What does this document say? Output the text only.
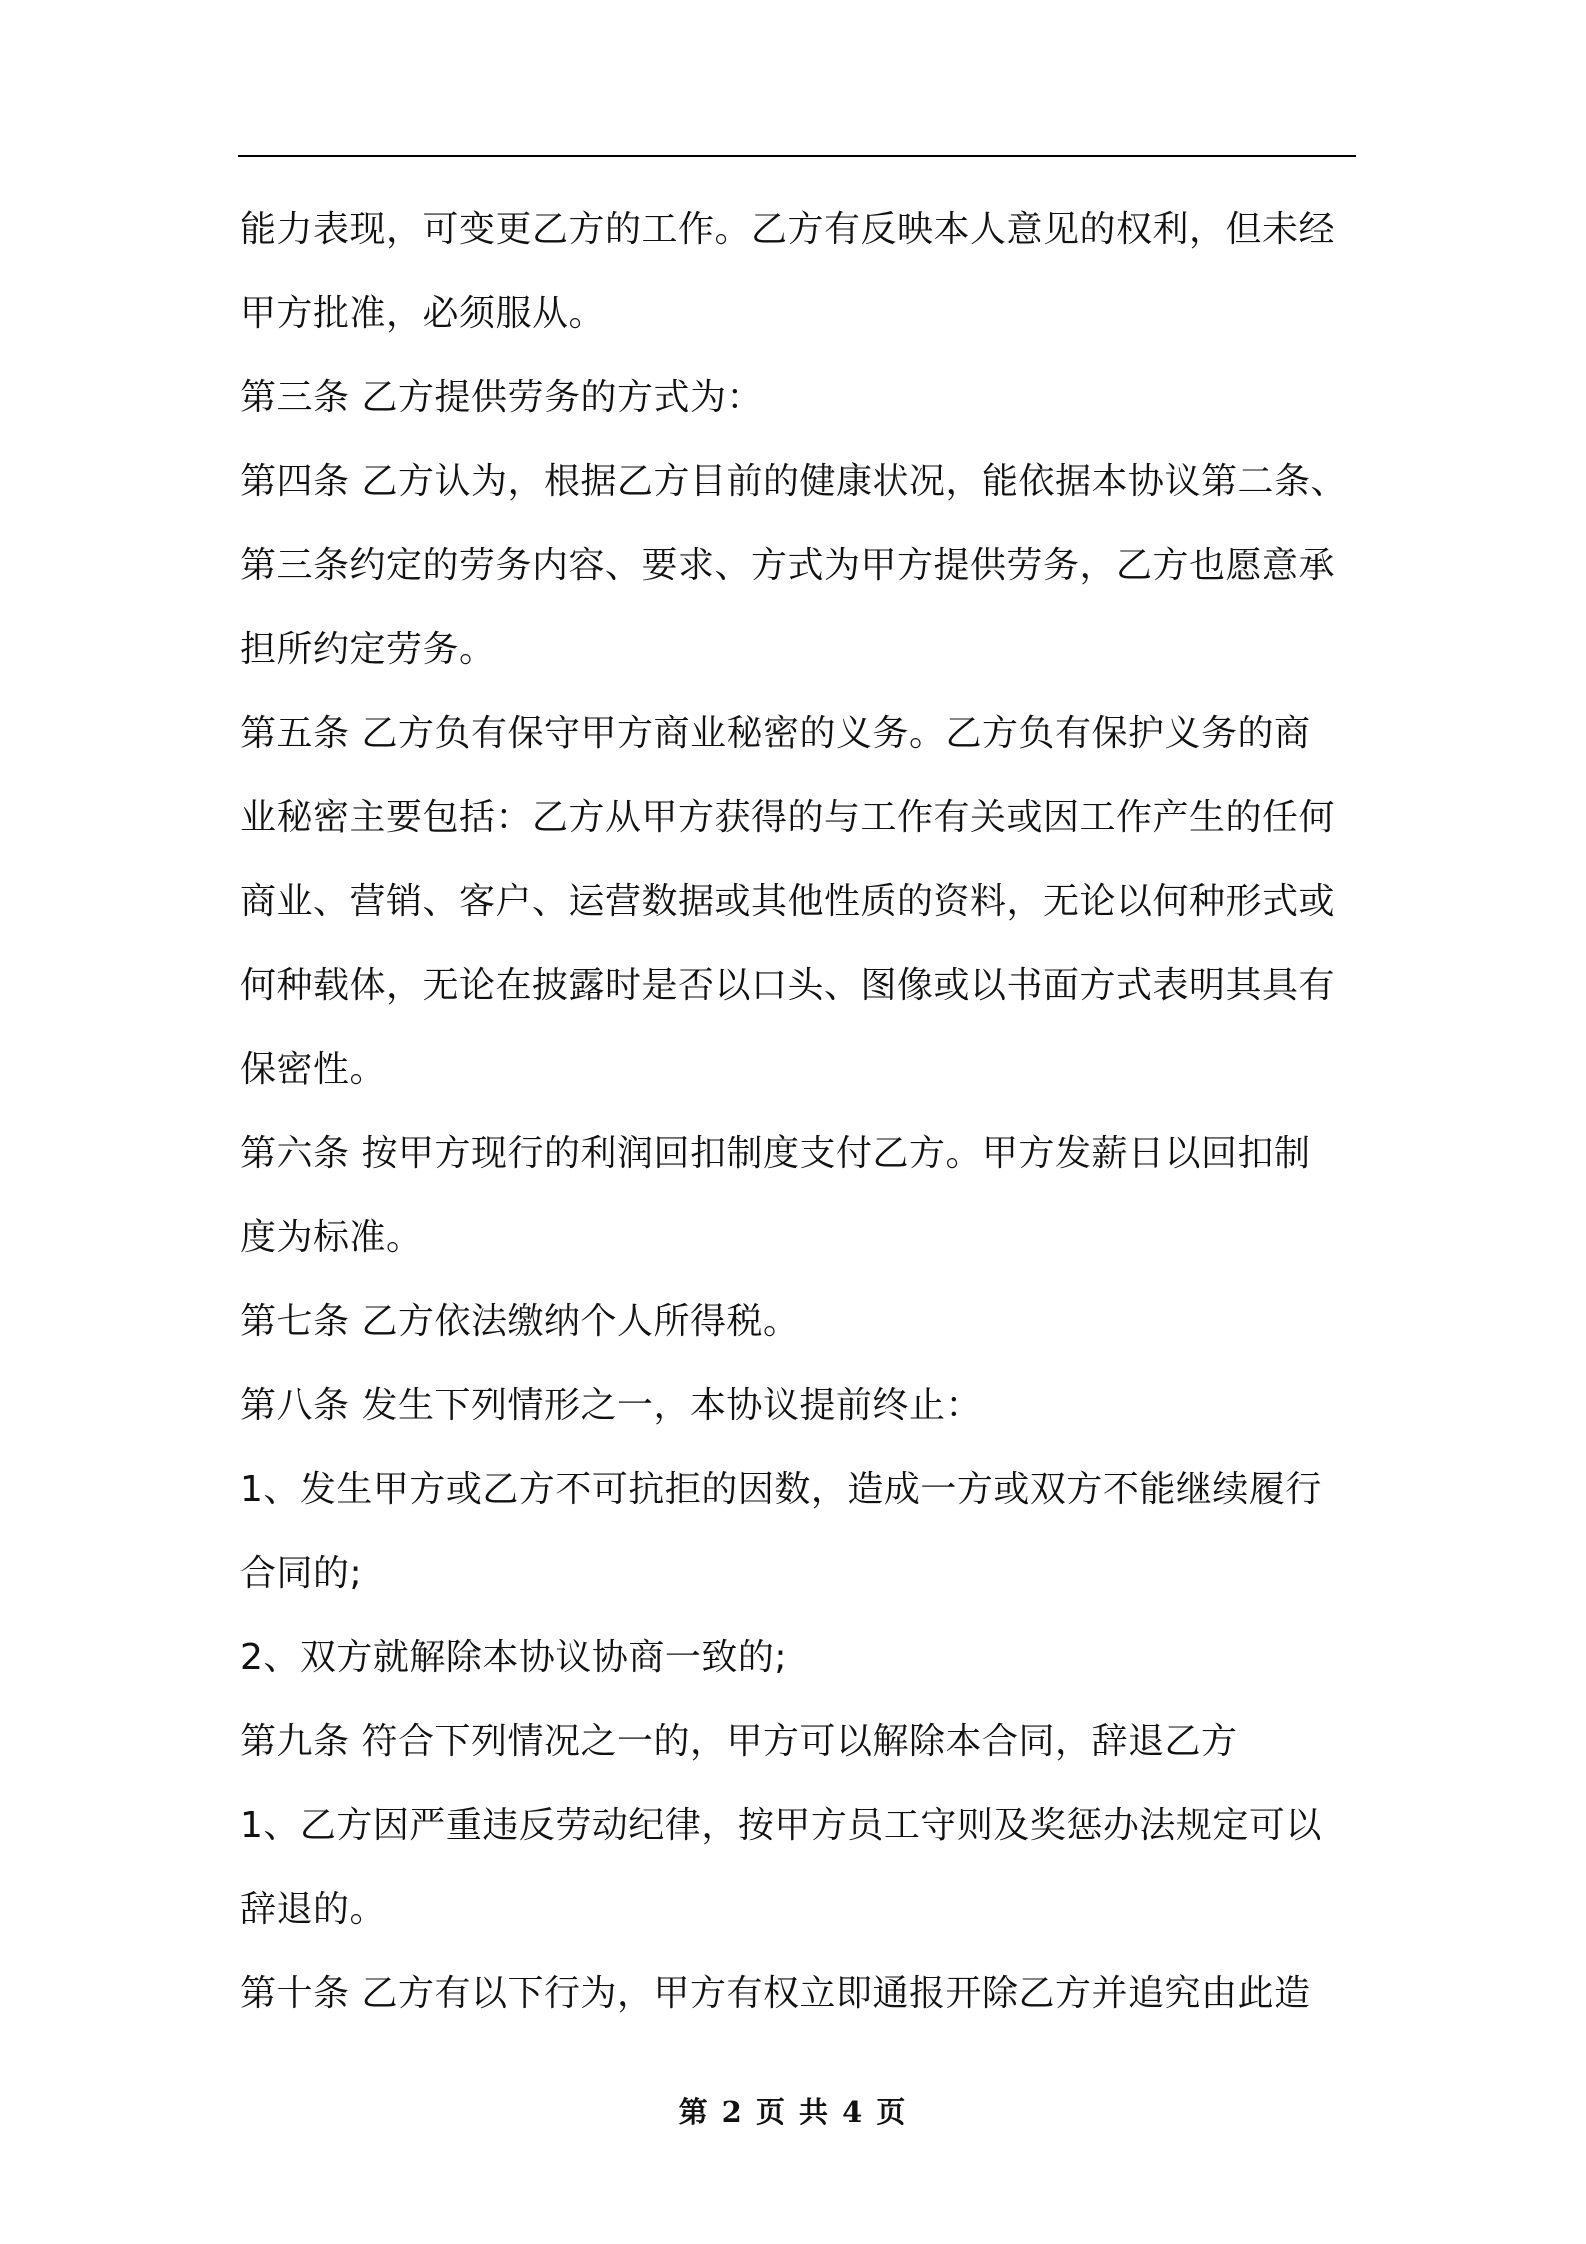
能力表现，可变更乙方的工作。乙方有反映本人意见的权利，但未经
甲方批准，必须服从。
第三条 乙方提供劳务的方式为：
第四条 乙方认为，根据乙方目前的健康状况，能依据本协议第二条、
第三条约定的劳务内容、要求、方式为甲方提供劳务，乙方也愿意承
担所约定劳务。
第五条 乙方负有保守甲方商业秘密的义务。乙方负有保护义务的商
业秘密主要包括：乙方从甲方获得的与工作有关或因工作产生的任何
商业、营销、客户、运营数据或其他性质的资料，无论以何种形式或
何种载体，无论在披露时是否以口头、图像或以书面方式表明其具有
保密性。
第六条 按甲方现行的利润回扣制度支付乙方。甲方发薪日以回扣制
度为标准。
第七条 乙方依法缴纳个人所得税。
第八条 发生下列情形之一，本协议提前终止：
1、发生甲方或乙方不可抗拒的因数，造成一方或双方不能继续履行
合同的;
2、双方就解除本协议协商一致的;
第九条 符合下列情况之一的，甲方可以解除本合同，辞退乙方
1、乙方因严重违反劳动纪律，按甲方员工守则及奖惩办法规定可以
辞退的。
第十条 乙方有以下行为，甲方有权立即通报开除乙方并追究由此造
第 2 页 共 4 页
